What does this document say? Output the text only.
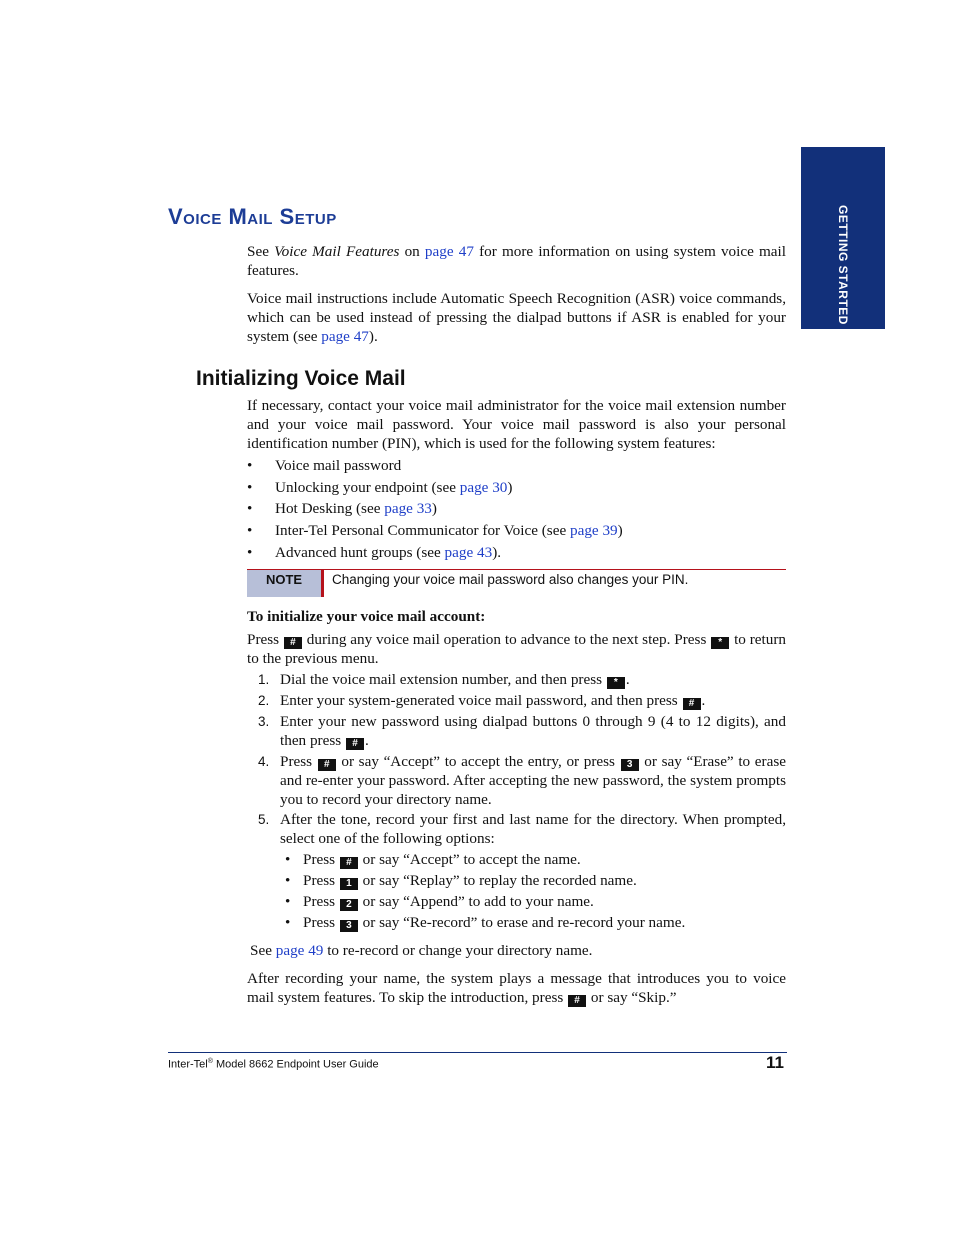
GETTING STARTED
Voice Mail Setup
See Voice Mail Features on page 47 for more information on using system voice mail features.
Voice mail instructions include Automatic Speech Recognition (ASR) voice commands, which can be used instead of pressing the dialpad buttons if ASR is enabled for your system (see page 47).
Initializing Voice Mail
If necessary, contact your voice mail administrator for the voice mail extension number and your voice mail password. Your voice mail password is also your personal identification number (PIN), which is used for the following system features:
• Voice mail password
• Unlocking your endpoint (see page 30)
• Hot Desking (see page 33)
• Inter-Tel Personal Communicator for Voice (see page 39)
• Advanced hunt groups (see page 43).
NOTE	Changing your voice mail password also changes your PIN.
To initialize your voice mail account:
Press # during any voice mail operation to advance to the next step. Press * to return to the previous menu.
1. Dial the voice mail extension number, and then press * .
2. Enter your system-generated voice mail password, and then press # .
3. Enter your new password using dialpad buttons 0 through 9 (4 to 12 digits), and then press # .
4. Press # or say “Accept” to accept the entry, or press 3 or say “Erase” to erase and re-enter your password. After accepting the new password, the system prompts you to record your directory name.
5. After the tone, record your first and last name for the directory. When prompted, select one of the following options:
• Press # or say “Accept” to accept the name.
• Press 1 or say “Replay” to replay the recorded name.
• Press 2 or say “Append” to add to your name.
• Press 3 or say “Re-record” to erase and re-record your name.
See page 49 to re-record or change your directory name.
After recording your name, the system plays a message that introduces you to voice mail system features. To skip the introduction, press # or say “Skip.”
Inter-Tel® Model 8662 Endpoint User Guide	11
